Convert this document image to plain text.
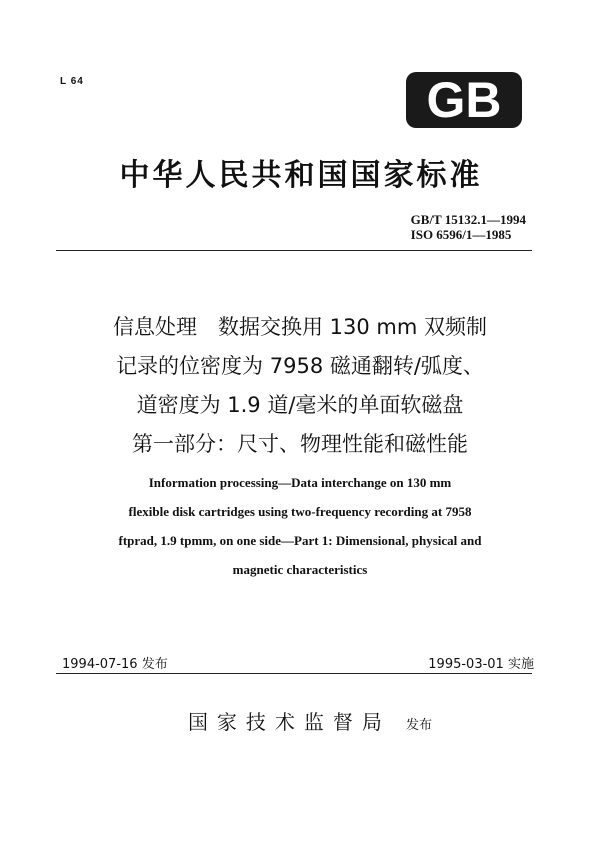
L 64	GB
中华人民共和国国家标准
GB/T 15132.1—1994
ISO 6596/1—1985
信息处理　数据交换用 130 mm 双频制
记录的位密度为 7958 磁通翻转/弧度、
道密度为 1.9 道/毫米的单面软磁盘
第一部分：尺寸、物理性能和磁性能
Information processing—Data interchange on 130 mm
flexible disk cartridges using two-frequency recording at 7958
ftprad, 1.9 tpmm, on one side—Part 1: Dimensional, physical and
magnetic characteristics
1994-07-16 发布	1995-03-01 实施
国家技术监督局 发布
